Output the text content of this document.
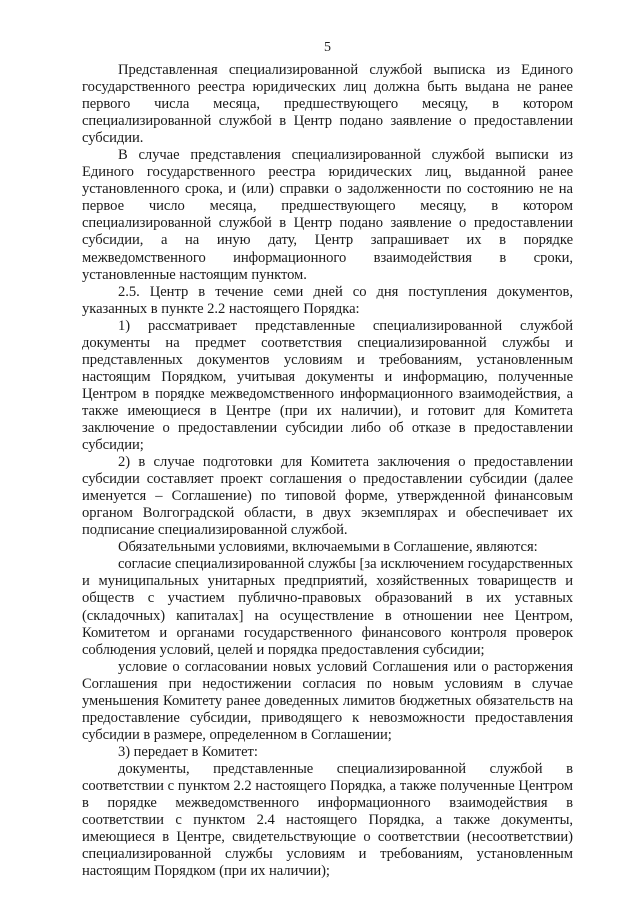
5

Представленная специализированной службой выписка из Единого государственного реестра юридических лиц должна быть выдана не ранее первого числа месяца, предшествующего месяцу, в котором специализированной службой в Центр подано заявление о предоставлении субсидии.

В случае представления специализированной службой выписки из Единого государственного реестра юридических лиц, выданной ранее установленного срока, и (или) справки о задолженности по состоянию не на первое число месяца, предшествующего месяцу, в котором специализированной службой в Центр подано заявление о предоставлении субсидии, а на иную дату, Центр запрашивает их в порядке межведомственного информационного взаимодействия в сроки, установленные настоящим пунктом.

2.5. Центр в течение семи дней со дня поступления документов, указанных в пункте 2.2 настоящего Порядка:

1) рассматривает представленные специализированной службой документы на предмет соответствия специализированной службы и представленных документов условиям и требованиям, установленным настоящим Порядком, учитывая документы и информацию, полученные Центром в порядке межведомственного информационного взаимодействия, а также имеющиеся в Центре (при их наличии), и готовит для Комитета заключение о предоставлении субсидии либо об отказе в предоставлении субсидии;

2) в случае подготовки для Комитета заключения о предоставлении субсидии составляет проект соглашения о предоставлении субсидии (далее именуется – Соглашение) по типовой форме, утвержденной финансовым органом Волгоградской области, в двух экземплярах и обеспечивает их подписание специализированной службой.

Обязательными условиями, включаемыми в Соглашение, являются:

согласие специализированной службы [за исключением государственных и муниципальных унитарных предприятий, хозяйственных товариществ и обществ с участием публично-правовых образований в их уставных (складочных) капиталах] на осуществление в отношении нее Центром, Комитетом и органами государственного финансового контроля проверок соблюдения условий, целей и порядка предоставления субсидии;

условие о согласовании новых условий Соглашения или о расторжения Соглашения при недостижении согласия по новым условиям в случае уменьшения Комитету ранее доведенных лимитов бюджетных обязательств на предоставление субсидии, приводящего к невозможности предоставления субсидии в размере, определенном в Соглашении;

3) передает в Комитет:

документы, представленные специализированной службой в соответствии с пунктом 2.2 настоящего Порядка, а также полученные Центром в порядке межведомственного информационного взаимодействия в соответствии с пунктом 2.4 настоящего Порядка, а также документы, имеющиеся в Центре, свидетельствующие о соответствии (несоответствии) специализированной службы условиям и требованиям, установленным настоящим Порядком (при их наличии);
